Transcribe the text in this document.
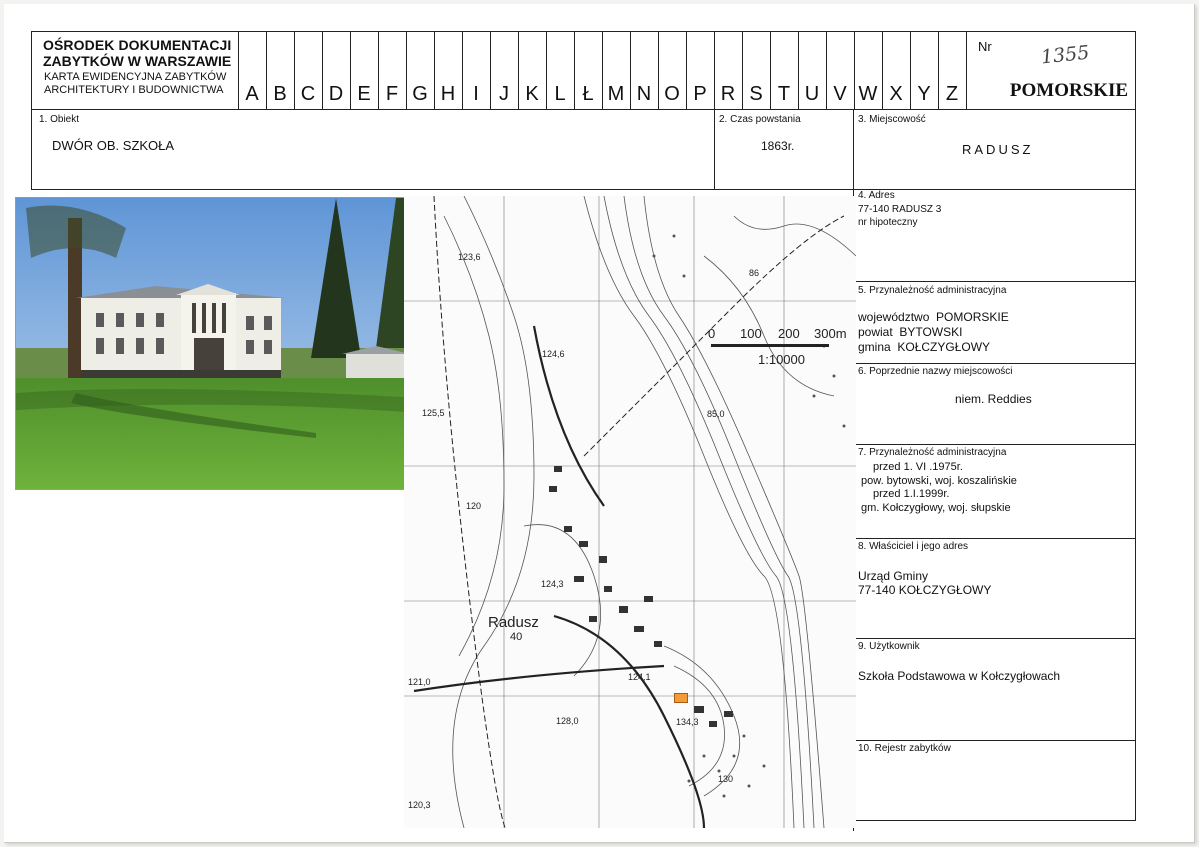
OŚRODEK DOKUMENTACJI
ZABYTKÓW W WARSZAWIE
KARTA EWIDENCYJNA ZABYTKÓW
ARCHITEKTURY I BUDOWNICTWA	A B C D E F G H I	J K L Ł M N O P R S T U V W X Y Z
Nr	1355
POMORSKIE
1. Obiekt
DWÓR OB. SZKOŁA
2. Czas powstania
1863r.
3. Miejscowość
RADUSZ
4. Adres
77-140 RADUSZ 3
nr hipoteczny
5. Przynależność administracyjna
województwo  POMORSKIE
powiat  BYTOWSKI
gmina  KOŁCZYGŁOWY
6. Poprzednie nazwy miejscowości
niem. Reddies
7. Przynależność administracyjna
przed 1. VI .1975r.
pow. bytowski, woj. koszalińskie
przed 1.I.1999r.
gm. Kołczygłowy, woj. słupskie
8. Właściciel i jego adres
Urząd Gminy
77-140 KOŁCZYGŁOWY
9. Użytkownik
Szkoła Podstawowa w Kołczygłowach
10. Rejestr zabytków
123,6
86
125,5	85,0
124,6
120
124,3
40
121,0	124,1
128,0	134,3
120,3
130
Radusz
0 100 200 300m
1:10000
